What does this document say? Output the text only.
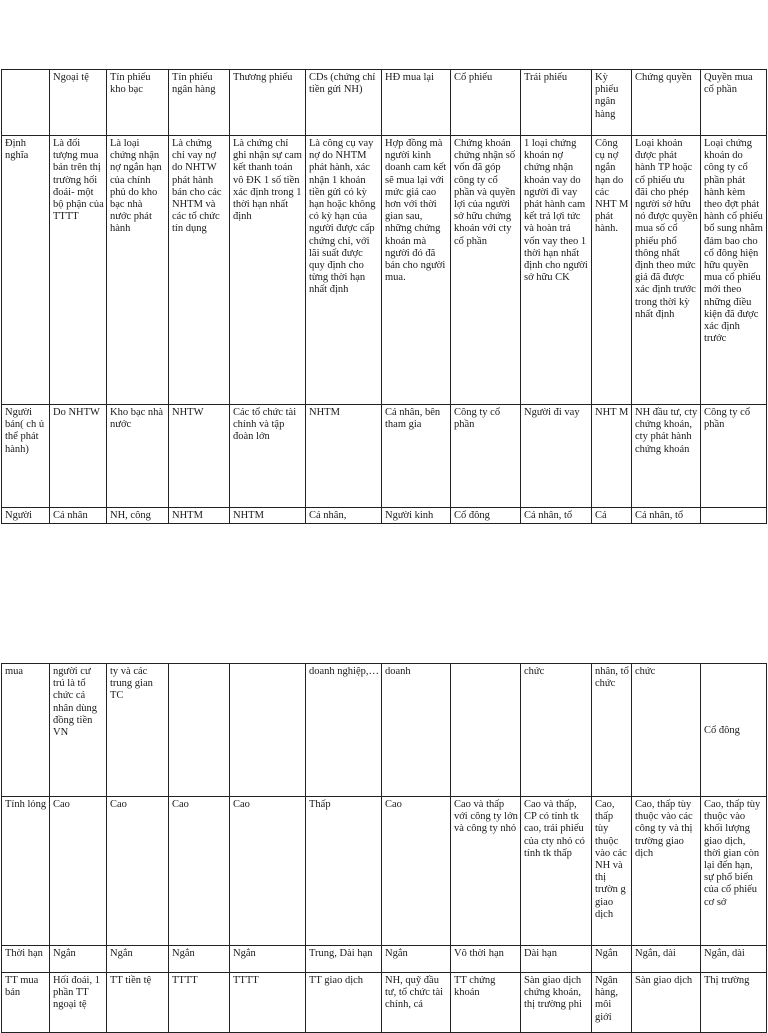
	Ngoại tệ	Tín phiếu kho bạc	Tín phiếu ngân hàng	Thương phiếu	CDs (chứng chỉ tiền gửi NH)	HĐ mua lại	Cổ phiếu	Trái phiếu	Kỳ phiếu ngân hàng	Chứng quyền	Quyền mua cổ phần
Định nghĩa	Là đối tượng mua bán trên thị trường hối đoái- một bộ phận của TTTT	Là loại chứng nhận nợ ngắn hạn của chính phủ do kho bạc nhà nước phát hành	Là chứng chỉ vay nợ do NHTW phát hành bán cho các NHTM và các tổ chức tín dụng	Là chứng chỉ ghi nhận sự cam kết thanh toán vô ĐK 1 số tiền xác định trong 1 thời hạn nhất định	Là công cụ vay nợ do NHTM phát hành, xác nhận 1 khoản tiền gửi có kỳ hạn hoặc không có kỳ hạn của người được cấp chứng chỉ, với lãi suất được quy định cho từng thời hạn nhất định	Hợp đồng mà người kinh doanh cam kết sẽ mua lại với mức giá cao hơn với thời gian sau, những chứng khoán mà người đó đã bán cho người mua.	Chứng khoán chứng nhận số vốn đã góp công ty cổ phần và quyền lợi của người sở hữu chứng khoán với cty cổ phần	1 loại chứng khoán nợ chứng nhận khoản vay do người đi vay phát hành cam kết trả lợi tức và hoàn trả vốn vay theo 1 thời hạn nhất định cho người sở hữu CK	Công cụ nợ ngắn hạn do các NHT M phát hành.	Loại khoản được phát hành TP hoặc cổ phiếu ưu đãi cho phép người sở hữu nó được quyền mua số cổ phiếu phổ thông nhất định theo mức giá đã được xác định trước trong thời kỳ nhất định	Loại chứng khoán do công ty cổ phần phát hành kèm theo đợt phát hành cổ phiếu bổ sung nhằm đảm bao cho cổ đông hiện hữu quyền mua cổ phiếu mới theo những điều kiện đã được xác định trước
Người bán( ch ủ thể phát hành)	Do NHTW	Kho bạc nhà nước	NHTW	Các tổ chức tài chính và tập đoàn lớn	NHTM	Cá nhân, bên tham gia	Công ty cổ phần	Người đi vay	NHT M	NH đầu tư, cty chứng khoán, cty phát hành chứng khoán	Công ty cổ phần
Người	Cá nhân	NH, công	NHTM	NHTM	Cá nhân,	Người kinh	Cổ đông	Cá nhân, tổ	Cá	Cá nhân, tổ	
mua	người cư trú là tổ chức cá nhân dùng đồng tiền VN	ty và các trung gian TC			doanh nghiệp,…	doanh		chức	nhân, tổ chức	chức	Cổ đông
Tính lỏng	Cao	Cao	Cao	Cao	Thấp	Cao	Cao và thấp với công ty lớn và công ty nhỏ	Cao và thấp, CP có tính tk cao, trái phiếu của cty nhỏ có tính tk thấp	Cao, thấp tùy thuộc vào các NH và thị trườn g giao dịch	Cao, thấp tùy thuộc vào các công ty và thị trường giao dịch	Cao, thấp tùy thuộc vào khối lượng giao dịch, thời gian còn lại đến hạn, sự phổ biến của cổ phiếu cơ sở
Thời hạn	Ngắn	Ngắn	Ngắn	Ngắn	Trung, Dài hạn	Ngắn	Vô thời hạn	Dài hạn	Ngắn	Ngắn, dài	Ngắn, dài
TT mua bán	Hối đoái, 1 phần TT ngoại tệ	TT tiền tệ	TTTT	TTTT	TT giao dịch	NH, quỹ đầu tư, tổ chức tài chính, cá	TT chứng khoán	Sàn giao dịch chứng khoán, thị trường phi	Ngân hàng, môi giới	Sàn giao dịch	Thị trường
